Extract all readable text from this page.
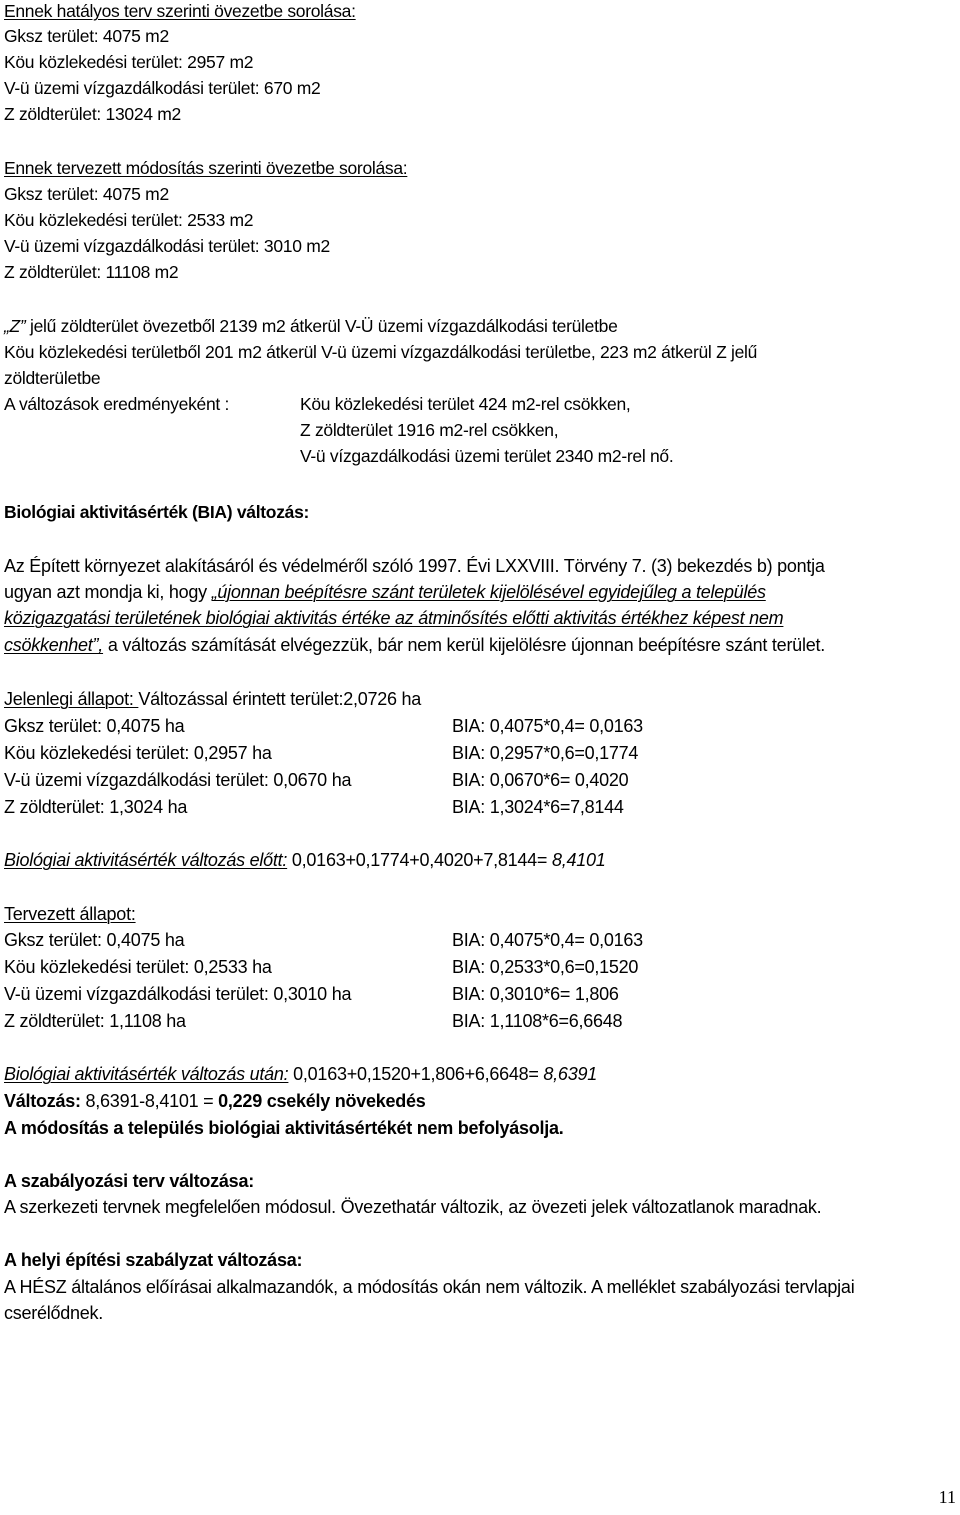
Ennek hatályos terv szerinti övezetbe sorolása:
Gksz terület: 4075 m2
Köu közlekedési terület: 2957 m2
V-ü üzemi vízgazdálkodási terület: 670 m2
Z zöldterület: 13024 m2
Ennek tervezett módosítás szerinti övezetbe sorolása:
Gksz terület: 4075 m2
Köu közlekedési terület: 2533 m2
V-ü üzemi vízgazdálkodási terület: 3010 m2
Z zöldterület: 11108 m2
„Z” jelű zöldterület övezetből 2139 m2 átkerül V-Ü üzemi vízgazdálkodási területbe
Köu közlekedési területből 201 m2 átkerül V-ü üzemi vízgazdálkodási területbe, 223 m2 átkerül Z jelű
zöldterületbe
A változások eredményeként :	Köu közlekedési terület 424 m2-rel csökken,
Z zöldterület 1916 m2-rel csökken,
V-ü vízgazdálkodási üzemi terület 2340 m2-rel nő.
Biológiai aktivitásérték (BIA) változás:
Az Épített környezet alakításáról és védelméről szóló 1997. Évi LXXVIII. Törvény 7. (3) bekezdés b) pontja
ugyan azt mondja ki, hogy „újonnan beépítésre szánt területek kijelölésével egyidejűleg a település
közigazgatási területének biológiai aktivitás értéke az átminősítés előtti aktivitás értékhez képest nem
csökkenhet”, a változás számítását elvégezzük, bár nem kerül kijelölésre újonnan beépítésre szánt terület.
Jelenlegi állapot: Változással érintett terület:2,0726 ha
Gksz terület: 0,4075 ha	BIA: 0,4075*0,4= 0,0163
Köu közlekedési terület: 0,2957 ha	BIA: 0,2957*0,6=0,1774
V-ü üzemi vízgazdálkodási terület: 0,0670 ha	BIA: 0,0670*6= 0,4020
Z zöldterület: 1,3024 ha	BIA: 1,3024*6=7,8144
Biológiai aktivitásérték változás előtt: 0,0163+0,1774+0,4020+7,8144= 8,4101
Tervezett állapot:
Gksz terület: 0,4075 ha	BIA: 0,4075*0,4= 0,0163
Köu közlekedési terület: 0,2533 ha	BIA: 0,2533*0,6=0,1520
V-ü üzemi vízgazdálkodási terület: 0,3010 ha	BIA: 0,3010*6= 1,806
Z zöldterület: 1,1108 ha	BIA: 1,1108*6=6,6648
Biológiai aktivitásérték változás után: 0,0163+0,1520+1,806+6,6648= 8,6391
Változás: 8,6391-8,4101 = 0,229 csekély növekedés
A módosítás a település biológiai aktivitásértékét nem befolyásolja.
A szabályozási terv változása:
A szerkezeti tervnek megfelelően módosul. Övezethatár változik, az övezeti jelek változatlanok maradnak.
A helyi építési szabályzat változása:
A HÉSZ általános előírásai alkalmazandók, a módosítás okán nem változik. A melléklet szabályozási tervlapjai
cserélődnek.
11
